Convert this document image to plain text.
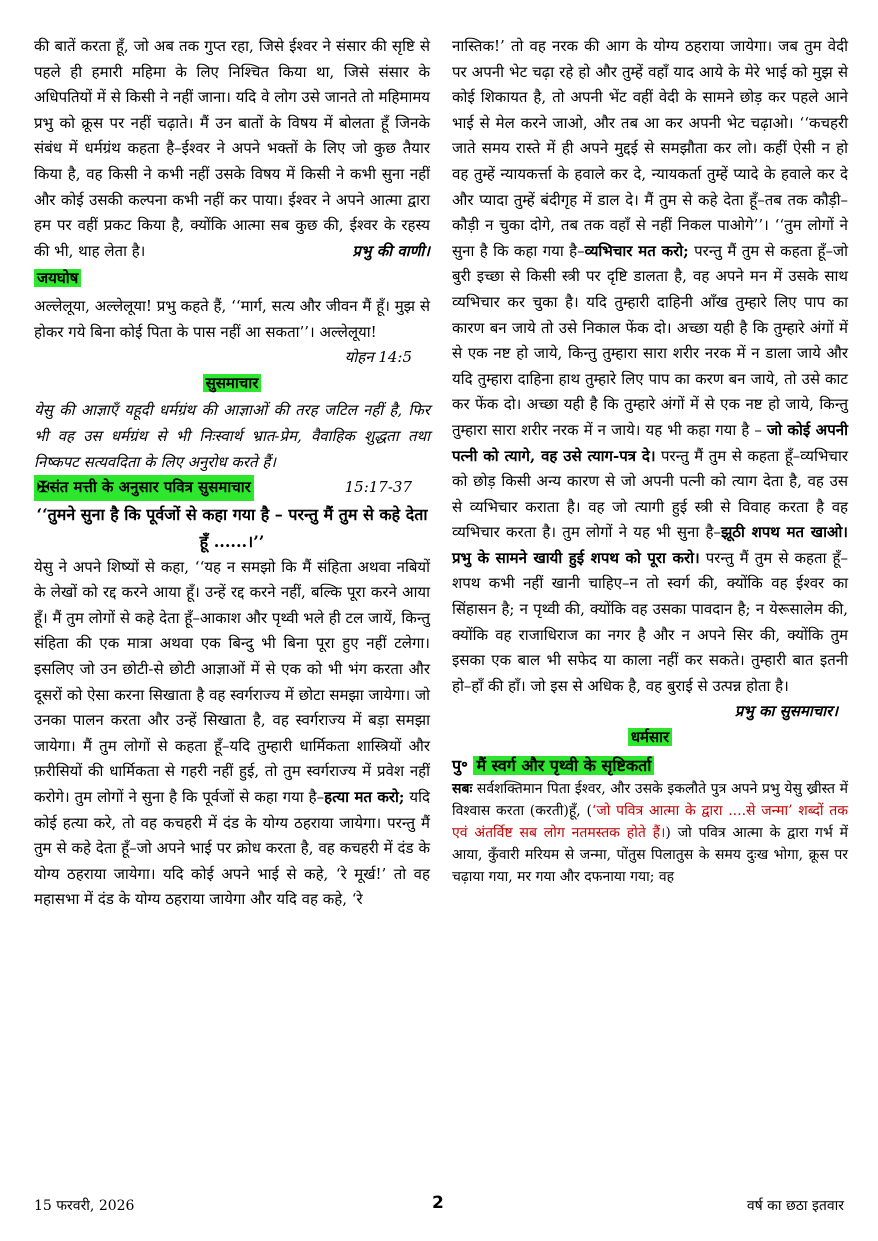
की बातें करता हूँ, जो अब तक गुप्त रहा, जिसे ईश्वर ने संसार की सृष्टि से पहले ही हमारी महिमा के लिए निश्चित किया था, जिसे संसार के अधिपतियों में से किसी ने नहीं जाना। यदि वे लोग उसे जानते तो महिमामय प्रभु को क्रूस पर नहीं चढ़ाते। मैं उन बातों के विषय में बोलता हूँ जिनके संबंध में धर्मग्रंथ कहता है–ईश्वर ने अपने भक्तों के लिए जो कुछ तैयार किया है, वह किसी ने कभी नहीं उसके विषय में किसी ने कभी सुना नहीं और कोई उसकी कल्पना कभी नहीं कर पाया। ईश्वर ने अपने आत्मा द्वारा हम पर वहीं प्रकट किया है, क्योंकि आत्मा सब कुछ की, ईश्वर के रहस्य की भी, थाह लेता है।	प्रभु की वाणी।

जयघोष

अल्लेलूया, अल्लेलूया! प्रभु कहते हैं, ‘‘मार्ग, सत्य और जीवन मैं हूँ। मुझ से होकर गये बिना कोई पिता के पास नहीं आ सकता’’। अल्लेलूया!
योहन 14:5

सुसमाचार

येसु की आज्ञाएँ यहूदी धर्मग्रंथ की आज्ञाओं की तरह जटिल नहीं है, फिर भी वह उस धर्मग्रंथ से भी निःस्वार्थ भ्रात-प्रेम, वैवाहिक शुद्धता तथा निष्कपट सत्यवदिता के लिए अनुरोध करते हैं।

✠संत मत्ती के अनुसार पवित्र सुसमाचार	15:17-37

‘‘तुमने सुना है कि पूर्वजों से कहा गया है – परन्तु मैं तुम से कहे देता हूँ ......।’’

येसु ने अपने शिष्यों से कहा, ‘‘यह न समझो कि मैं संहिता अथवा नबियों के लेखों को रद्द करने आया हूँ। उन्हें रद्द करने नहीं, बल्कि पूरा करने आया हूँ। मैं तुम लोगों से कहे देता हूँ–आकाश और पृथ्वी भले ही टल जायें, किन्तु संहिता की एक मात्रा अथवा एक बिन्दु भी बिना पूरा हुए नहीं टलेगा। इसलिए जो उन छोटी-से छोटी आज्ञाओं में से एक को भी भंग करता और दूसरों को ऐसा करना सिखाता है वह स्वर्गराज्य में छोटा समझा जायेगा। जो उनका पालन करता और उन्हें सिखाता है, वह स्वर्गराज्य में बड़ा समझा जायेगा। मैं तुम लोगों से कहता हूँ–यदि तुम्हारी धार्मिकता शास्त्रियों और फ़रीसियों की धार्मिकता से गहरी नहीं हुई, तो तुम स्वर्गराज्य में प्रवेश नहीं करोगे। तुम लोगों ने सुना है कि पूर्वजों से कहा गया है–हत्या मत करो; यदि कोई हत्या करे, तो वह कचहरी में दंड के योग्य ठहराया जायेगा। परन्तु मैं तुम से कहे देता हूँ–जो अपने भाई पर क्रोध करता है, वह कचहरी में दंड के योग्य ठहराया जायेगा। यदि कोई अपने भाई से कहे, ‘रे मूर्ख!’ तो वह महासभा में दंड के योग्य ठहराया जायेगा और यदि वह कहे, ‘रे

नास्तिक!’ तो वह नरक की आग के योग्य ठहराया जायेगा। जब तुम वेदी पर अपनी भेट चढ़ा रहे हो और तुम्हें वहाँ याद आये के मेरे भाई को मुझ से कोई शिकायत है, तो अपनी भेंट वहीं वेदी के सामने छोड़ कर पहले आने भाई से मेल करने जाओ, और तब आ कर अपनी भेट चढ़ाओ। ‘‘कचहरी जाते समय रास्ते में ही अपने मुद्दई से समझौता कर लो। कहीं ऐसी न हो वह तुम्हें न्यायकर्त्ता के हवाले कर दे, न्यायकर्ता तुम्हें प्यादे के हवाले कर दे और प्यादा तुम्हें बंदीगृह में डाल दे। मैं तुम से कहे देता हूँ–तब तक कौड़ी–कौड़ी न चुका दोगे, तब तक वहाँ से नहीं निकल पाओगे’’। ‘‘तुम लोगों ने सुना है कि कहा गया है–व्यभिचार मत करो; परन्तु मैं तुम से कहता हूँ–जो बुरी इच्छा से किसी स्त्री पर दृष्टि डालता है, वह अपने मन में उसके साथ व्यभिचार कर चुका है। यदि तुम्हारी दाहिनी आँख तुम्हारे लिए पाप का कारण बन जाये तो उसे निकाल फेंक दो। अच्छा यही है कि तुम्हारे अंगों में से एक नष्ट हो जाये, किन्तु तुम्हारा सारा शरीर नरक में न डाला जाये और यदि तुम्हारा दाहिना हाथ तुम्हारे लिए पाप का करण बन जाये, तो उसे काट कर फेंक दो। अच्छा यही है कि तुम्हारे अंगों में से एक नष्ट हो जाये, किन्तु तुम्हारा सारा शरीर नरक में न जाये। यह भी कहा गया है – जो कोई अपनी पत्नी को त्यागे, वह उसे त्याग-पत्र दे। परन्तु मैं तुम से कहता हूँ–व्यभिचार को छोड़ किसी अन्य कारण से जो अपनी पत्नी को त्याग देता है, वह उस से व्यभिचार कराता है। वह जो त्यागी हुई स्त्री से विवाह करता है वह व्यभिचार करता है। तुम लोगों ने यह भी सुना है–झूठी शपथ मत खाओ। प्रभु के सामने खायी हुई शपथ को पूरा करो। परन्तु मैं तुम से कहता हूँ–शपथ कभी नहीं खानी चाहिए–न तो स्वर्ग की, क्योंकि वह ईश्वर का सिंहासन है; न पृथ्वी की, क्योंकि वह उसका पावदान है; न येरूसालेम की, क्योंकि वह राजाधिराज का नगर है और न अपने सिर की, क्योंकि तुम इसका एक बाल भी सफेद या काला नहीं कर सकते। तुम्हारी बात इतनी हो–हाँ की हाँ। जो इस से अधिक है, वह बुराई से उत्पन्न होता है।
प्रभु का सुसमाचार।

धर्मसार
पु॰ मैं स्वर्ग और पृथ्वी के सृष्टिकर्ता

सबः सर्वशक्तिमान पिता ईश्वर, और उसके इकलौते पुत्र अपने प्रभु येसु ख्रीस्त में विश्वास करता (करती)हूँ, (‘जो पवित्र आत्मा के द्वारा ....से जन्मा’ शब्दों तक एवं अंतर्विष्ट सब लोग नतमस्तक होते हैं।) जो पवित्र आत्मा के द्वारा गर्भ में आया, कुँवारी मरियम से जन्मा, पोंतुस पिलातुस के समय दुःख भोगा, क्रूस पर चढ़ाया गया, मर गया और दफनाया गया; वह

15 फरवरी, 2026	2	वर्ष का छठा इतवार
